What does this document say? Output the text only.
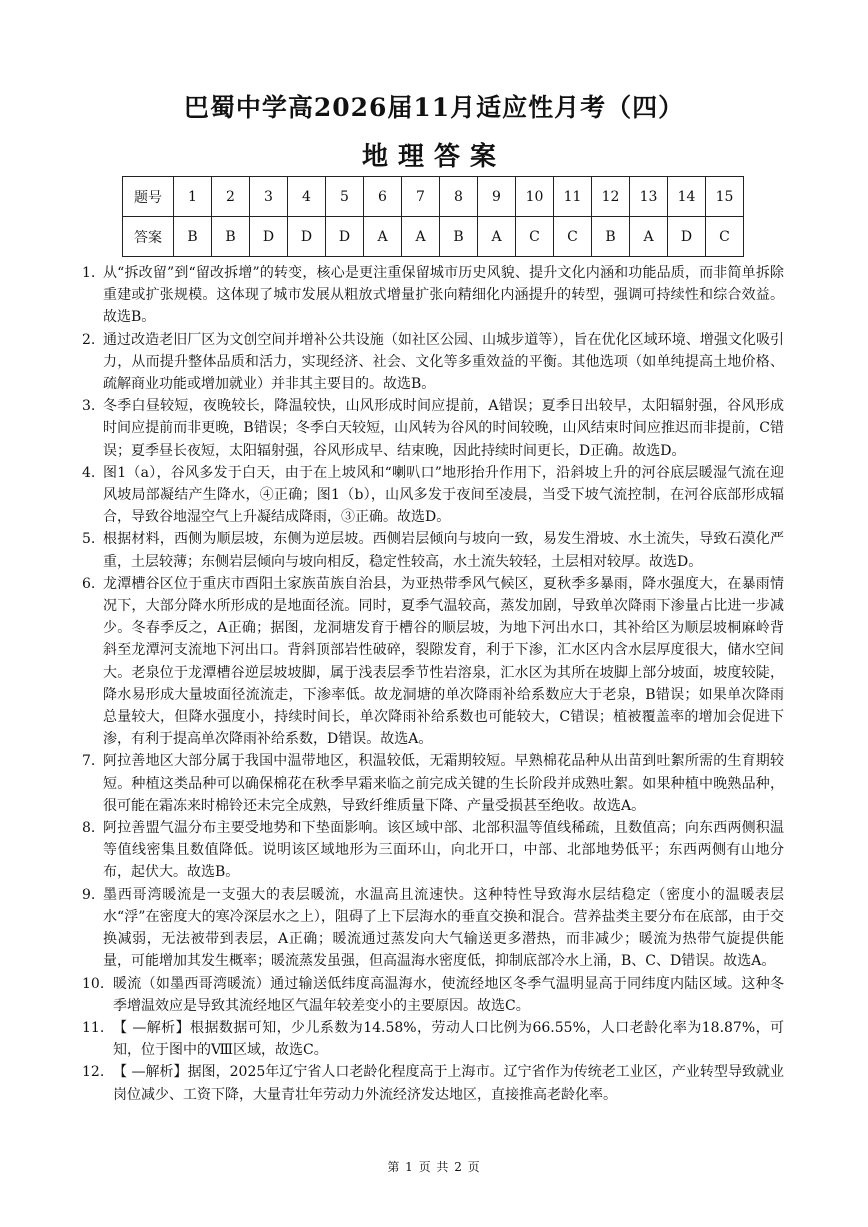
巴蜀中学高2026届11月适应性月考（四）
地理答案
题号	1	2	3	4	5	6	7	8	9	10	11	12	13	14	15
答案	B	B	D	D	D	A	A	B	A	C	C	B	A	D	C
1. 从“拆改留”到“留改拆增”的转变，核心是更注重保留城市历史风貌、提升文化内涵和功能品质，而非简单拆除重建或扩张规模。这体现了城市发展从粗放式增量扩张向精细化内涵提升的转型，强调可持续性和综合效益。故选B。
2. 通过改造老旧厂区为文创空间并增补公共设施（如社区公园、山城步道等），旨在优化区域环境、增强文化吸引力，从而提升整体品质和活力，实现经济、社会、文化等多重效益的平衡。其他选项（如单纯提高土地价格、疏解商业功能或增加就业）并非其主要目的。故选B。
3. 冬季白昼较短，夜晚较长，降温较快，山风形成时间应提前，A错误；夏季日出较早，太阳辐射强，谷风形成时间应提前而非更晚，B错误；冬季白天较短，山风转为谷风的时间较晚，山风结束时间应推迟而非提前，C错误；夏季昼长夜短，太阳辐射强，谷风形成早、结束晚，因此持续时间更长，D正确。故选D。
4. 图1（a），谷风多发于白天，由于在上坡风和“喇叭口”地形抬升作用下，沿斜坡上升的河谷底层暖湿气流在迎风坡局部凝结产生降水，④正确；图1（b），山风多发于夜间至凌晨，当受下坡气流控制，在河谷底部形成辐合，导致谷地湿空气上升凝结成降雨，③正确。故选D。
5. 根据材料，西侧为顺层坡，东侧为逆层坡。西侧岩层倾向与坡向一致，易发生滑坡、水土流失，导致石漠化严重，土层较薄；东侧岩层倾向与坡向相反，稳定性较高，水土流失较轻，土层相对较厚。故选D。
6. 龙潭槽谷区位于重庆市酉阳土家族苗族自治县，为亚热带季风气候区，夏秋季多暴雨，降水强度大，在暴雨情况下，大部分降水所形成的是地面径流。同时，夏季气温较高，蒸发加剧，导致单次降雨下渗量占比进一步减少。冬春季反之，A正确；据图，龙洞塘发育于槽谷的顺层坡，为地下河出水口，其补给区为顺层坡桐麻岭背斜至龙潭河支流地下河出口。背斜顶部岩性破碎，裂隙发育，利于下渗，汇水区内含水层厚度很大，储水空间大。老泉位于龙潭槽谷逆层坡坡脚，属于浅表层季节性岩溶泉，汇水区为其所在坡脚上部分坡面，坡度较陡，降水易形成大量坡面径流流走，下渗率低。故龙洞塘的单次降雨补给系数应大于老泉，B错误；如果单次降雨总量较大，但降水强度小，持续时间长，单次降雨补给系数也可能较大，C错误；植被覆盖率的增加会促进下渗，有利于提高单次降雨补给系数，D错误。故选A。
7. 阿拉善地区大部分属于我国中温带地区，积温较低，无霜期较短。早熟棉花品种从出苗到吐絮所需的生育期较短。种植这类品种可以确保棉花在秋季早霜来临之前完成关键的生长阶段并成熟吐絮。如果种植中晚熟品种，很可能在霜冻来时棉铃还未完全成熟，导致纤维质量下降、产量受损甚至绝收。故选A。
8. 阿拉善盟气温分布主要受地势和下垫面影响。该区域中部、北部积温等值线稀疏，且数值高；向东西两侧积温等值线密集且数值降低。说明该区域地形为三面环山，向北开口，中部、北部地势低平；东西两侧有山地分布，起伏大。故选B。
9. 墨西哥湾暖流是一支强大的表层暖流，水温高且流速快。这种特性导致海水层结稳定（密度小的温暖表层水“浮”在密度大的寒冷深层水之上），阻碍了上下层海水的垂直交换和混合。营养盐类主要分布在底部，由于交换减弱，无法被带到表层，A正确；暖流通过蒸发向大气输送更多潜热，而非减少；暖流为热带气旋提供能量，可能增加其发生概率；暖流蒸发虽强，但高温海水密度低，抑制底部冷水上涌，B、C、D错误。故选A。
10. 暖流（如墨西哥湾暖流）通过输送低纬度高温海水，使流经地区冬季气温明显高于同纬度内陆区域。这种冬季增温效应是导致其流经地区气温年较差变小的主要原因。故选C。
11. 【 —解析】根据数据可知，少儿系数为14.58%，劳动人口比例为66.55%，人口老龄化率为18.87%，可知，位于图中的Ⅷ区域，故选C。
12. 【 —解析】据图，2025年辽宁省人口老龄化程度高于上海市。辽宁省作为传统老工业区，产业转型导致就业岗位减少、工资下降，大量青壮年劳动力外流经济发达地区，直接推高老龄化率。
第 1 页 共 2 页
